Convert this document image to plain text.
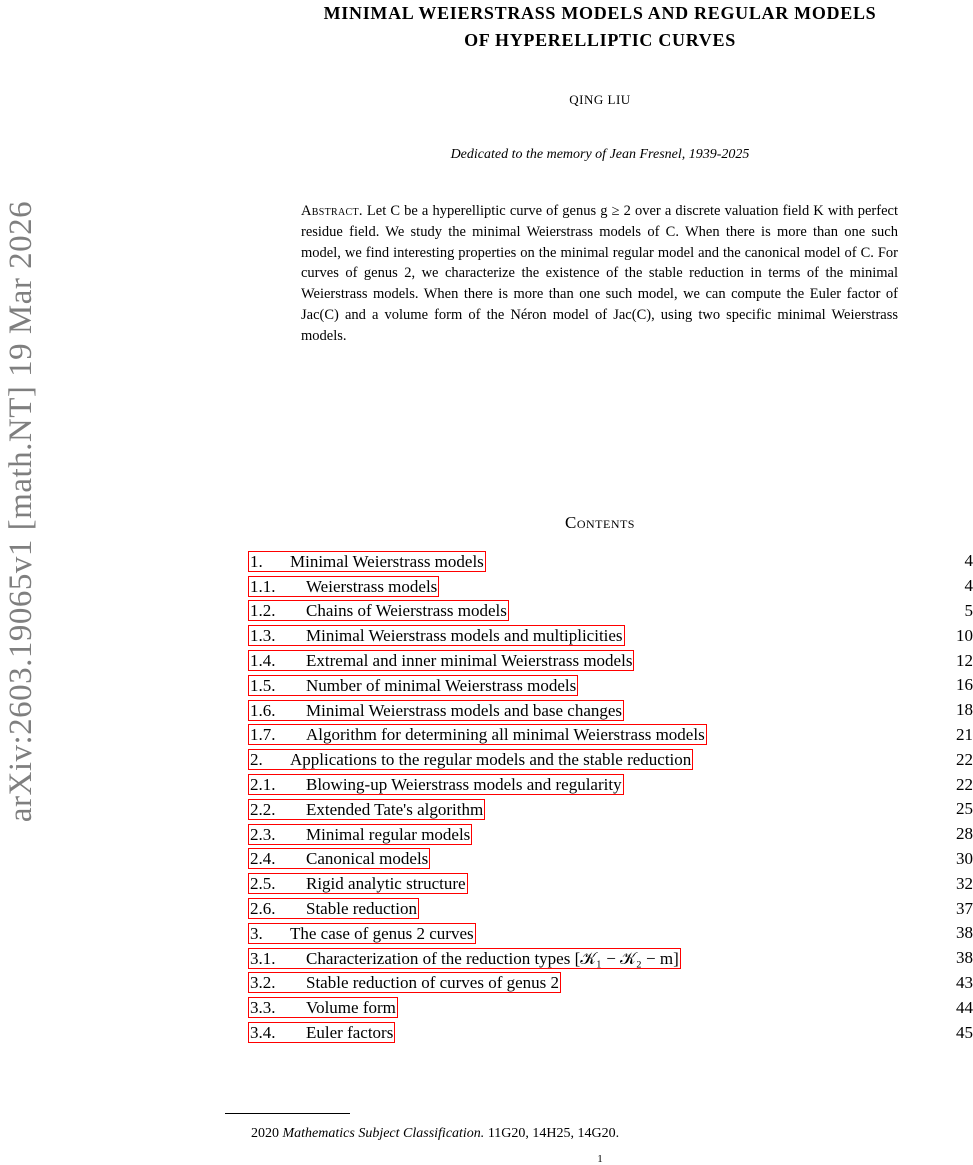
arXiv:2603.19065v1 [math.NT] 19 Mar 2026
MINIMAL WEIERSTRASS MODELS AND REGULAR MODELS
OF HYPERELLIPTIC CURVES
QING LIU
Dedicated to the memory of Jean Fresnel, 1939-2025
Abstract. Let C be a hyperelliptic curve of genus g ≥ 2 over a discrete valuation field K with perfect residue field. We study the minimal Weierstrass models of C. When there is more than one such model, we find interesting properties on the minimal regular model and the canonical model of C. For curves of genus 2, we characterize the existence of the stable reduction in terms of the minimal Weierstrass models. When there is more than one such model, we can compute the Euler factor of Jac(C) and a volume form of the Néron model of Jac(C), using two specific minimal Weierstrass models.
Contents
1.	Minimal Weierstrass models	4
1.1.	Weierstrass models	4
1.2.	Chains of Weierstrass models	5
1.3.	Minimal Weierstrass models and multiplicities	10
1.4.	Extremal and inner minimal Weierstrass models	12
1.5.	Number of minimal Weierstrass models	16
1.6.	Minimal Weierstrass models and base changes	18
1.7.	Algorithm for determining all minimal Weierstrass models	21
2.	Applications to the regular models and the stable reduction	22
2.1.	Blowing-up Weierstrass models and regularity	22
2.2.	Extended Tate's algorithm	25
2.3.	Minimal regular models	28
2.4.	Canonical models	30
2.5.	Rigid analytic structure	32
2.6.	Stable reduction	37
3.	The case of genus 2 curves	38
3.1.	Characterization of the reduction types [𝒦₁ − 𝒦₂ − m]	38
3.2.	Stable reduction of curves of genus 2	43
3.3.	Volume form	44
3.4.	Euler factors	45
2020 Mathematics Subject Classification. 11G20, 14H25, 14G20.
1
